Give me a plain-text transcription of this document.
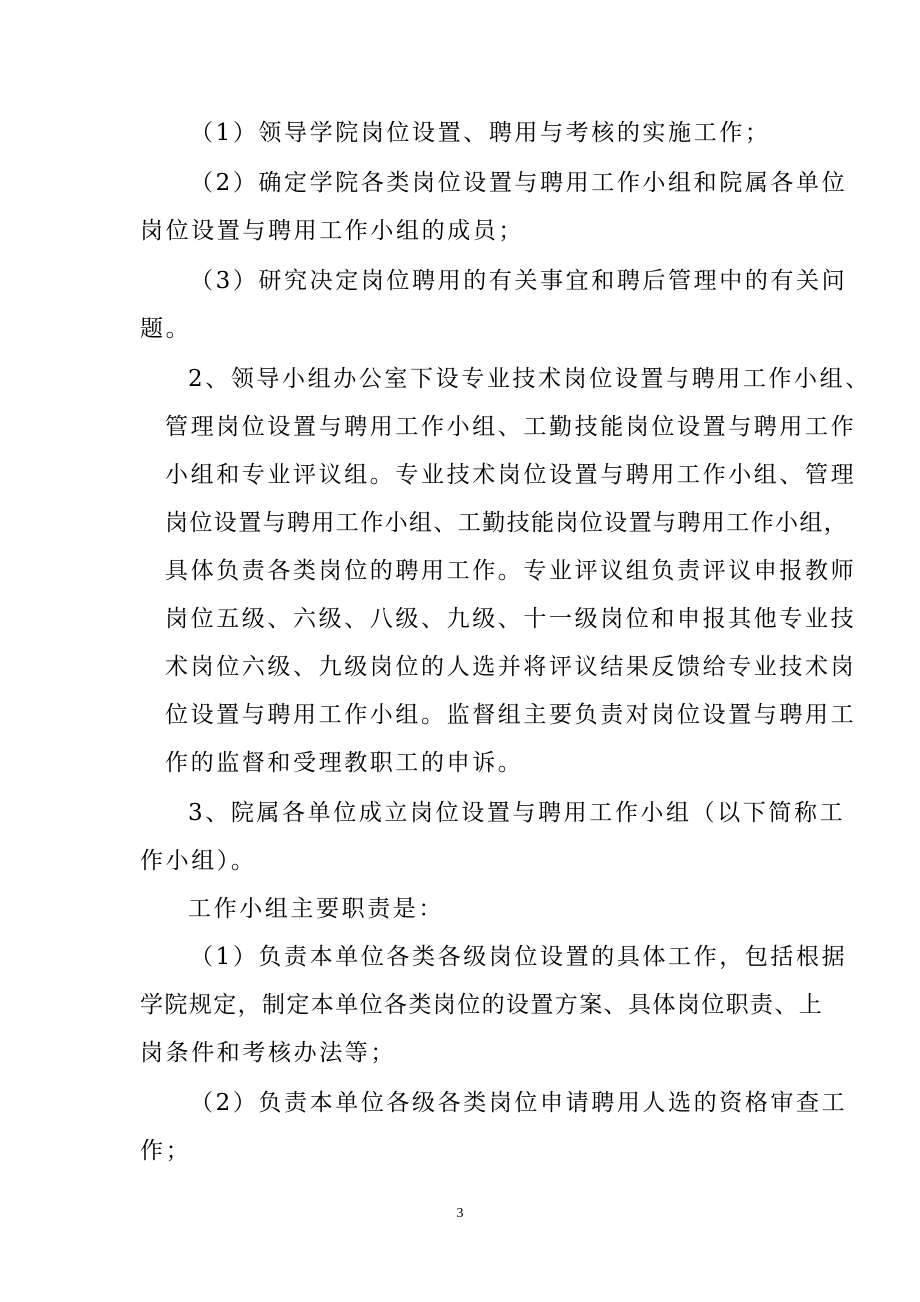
（1）领导学院岗位设置、聘用与考核的实施工作；

（2）确定学院各类岗位设置与聘用工作小组和院属各单位

岗位设置与聘用工作小组的成员；

（3）研究决定岗位聘用的有关事宜和聘后管理中的有关问

题。

2、领导小组办公室下设专业技术岗位设置与聘用工作小组、

管理岗位设置与聘用工作小组、工勤技能岗位设置与聘用工作

小组和专业评议组。专业技术岗位设置与聘用工作小组、管理

岗位设置与聘用工作小组、工勤技能岗位设置与聘用工作小组，

具体负责各类岗位的聘用工作。专业评议组负责评议申报教师

岗位五级、六级、八级、九级、十一级岗位和申报其他专业技

术岗位六级、九级岗位的人选并将评议结果反馈给专业技术岗

位设置与聘用工作小组。监督组主要负责对岗位设置与聘用工

作的监督和受理教职工的申诉。

3、院属各单位成立岗位设置与聘用工作小组（以下简称工

作小组）。

工作小组主要职责是：

（1）负责本单位各类各级岗位设置的具体工作，包括根据

学院规定，制定本单位各类岗位的设置方案、具体岗位职责、上

岗条件和考核办法等；

（2）负责本单位各级各类岗位申请聘用人选的资格审查工

作；

3
